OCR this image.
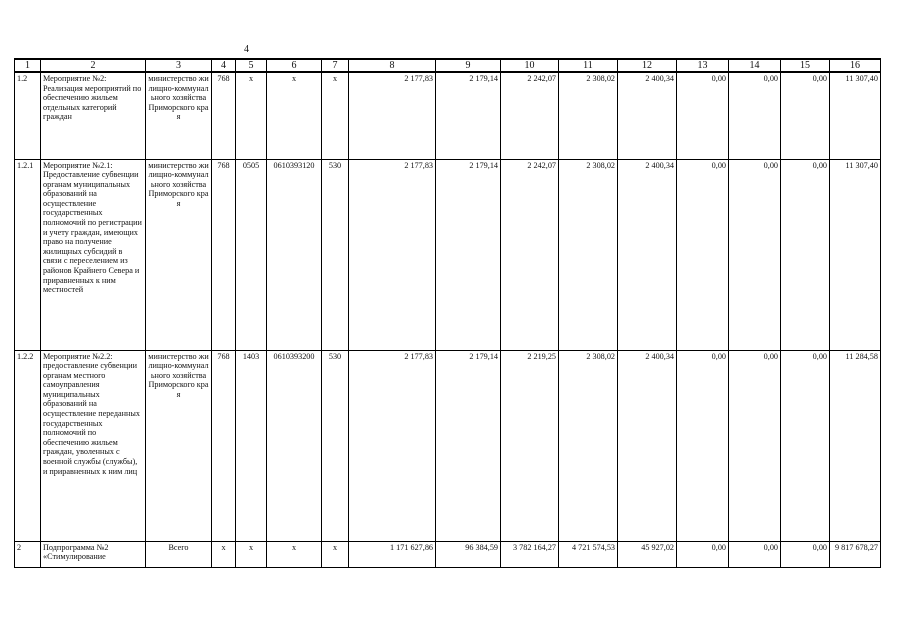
4
1	2	3	4	5	6	7	8	9	10	11	12	13	14	15	16
1.2	Мероприятие №2: Реализация мероприятий по обеспечению жильем отдельных категорий граждан	министерство жилищно-коммунального хозяйства Приморского края	768	x	x	x	2 177,83	2 179,14	2 242,07	2 308,02	2 400,34	0,00	0,00	0,00	11 307,40
1.2.1	Мероприятие №2.1: Предоставление субвенции органам муниципальных образований на осуществление государственных полномочий по регистрации и учету граждан, имеющих право на получение жилищных субсидий в связи с переселением из районов Крайнего Севера и приравненных к ним местностей	министерство жилищно-коммунального хозяйства Приморского края	768	0505	0610393120	530	2 177,83	2 179,14	2 242,07	2 308,02	2 400,34	0,00	0,00	0,00	11 307,40
1.2.2	Мероприятие №2.2: предоставление субвенции органам местного самоуправления муниципальных образований на осуществление переданных государственных полномочий по обеспечению жильем граждан, уволенных с военной службы (службы), и приравненных к ним лиц	министерство жилищно-коммунального хозяйства Приморского края	768	1403	0610393200	530	2 177,83	2 179,14	2 219,25	2 308,02	2 400,34	0,00	0,00	0,00	11 284,58
2	Подпрограмма №2 «Стимулирование	Всего	x	x	x	x	1 171 627,86	96 384,59	3 782 164,27	4 721 574,53	45 927,02	0,00	0,00	0,00	9 817 678,27
